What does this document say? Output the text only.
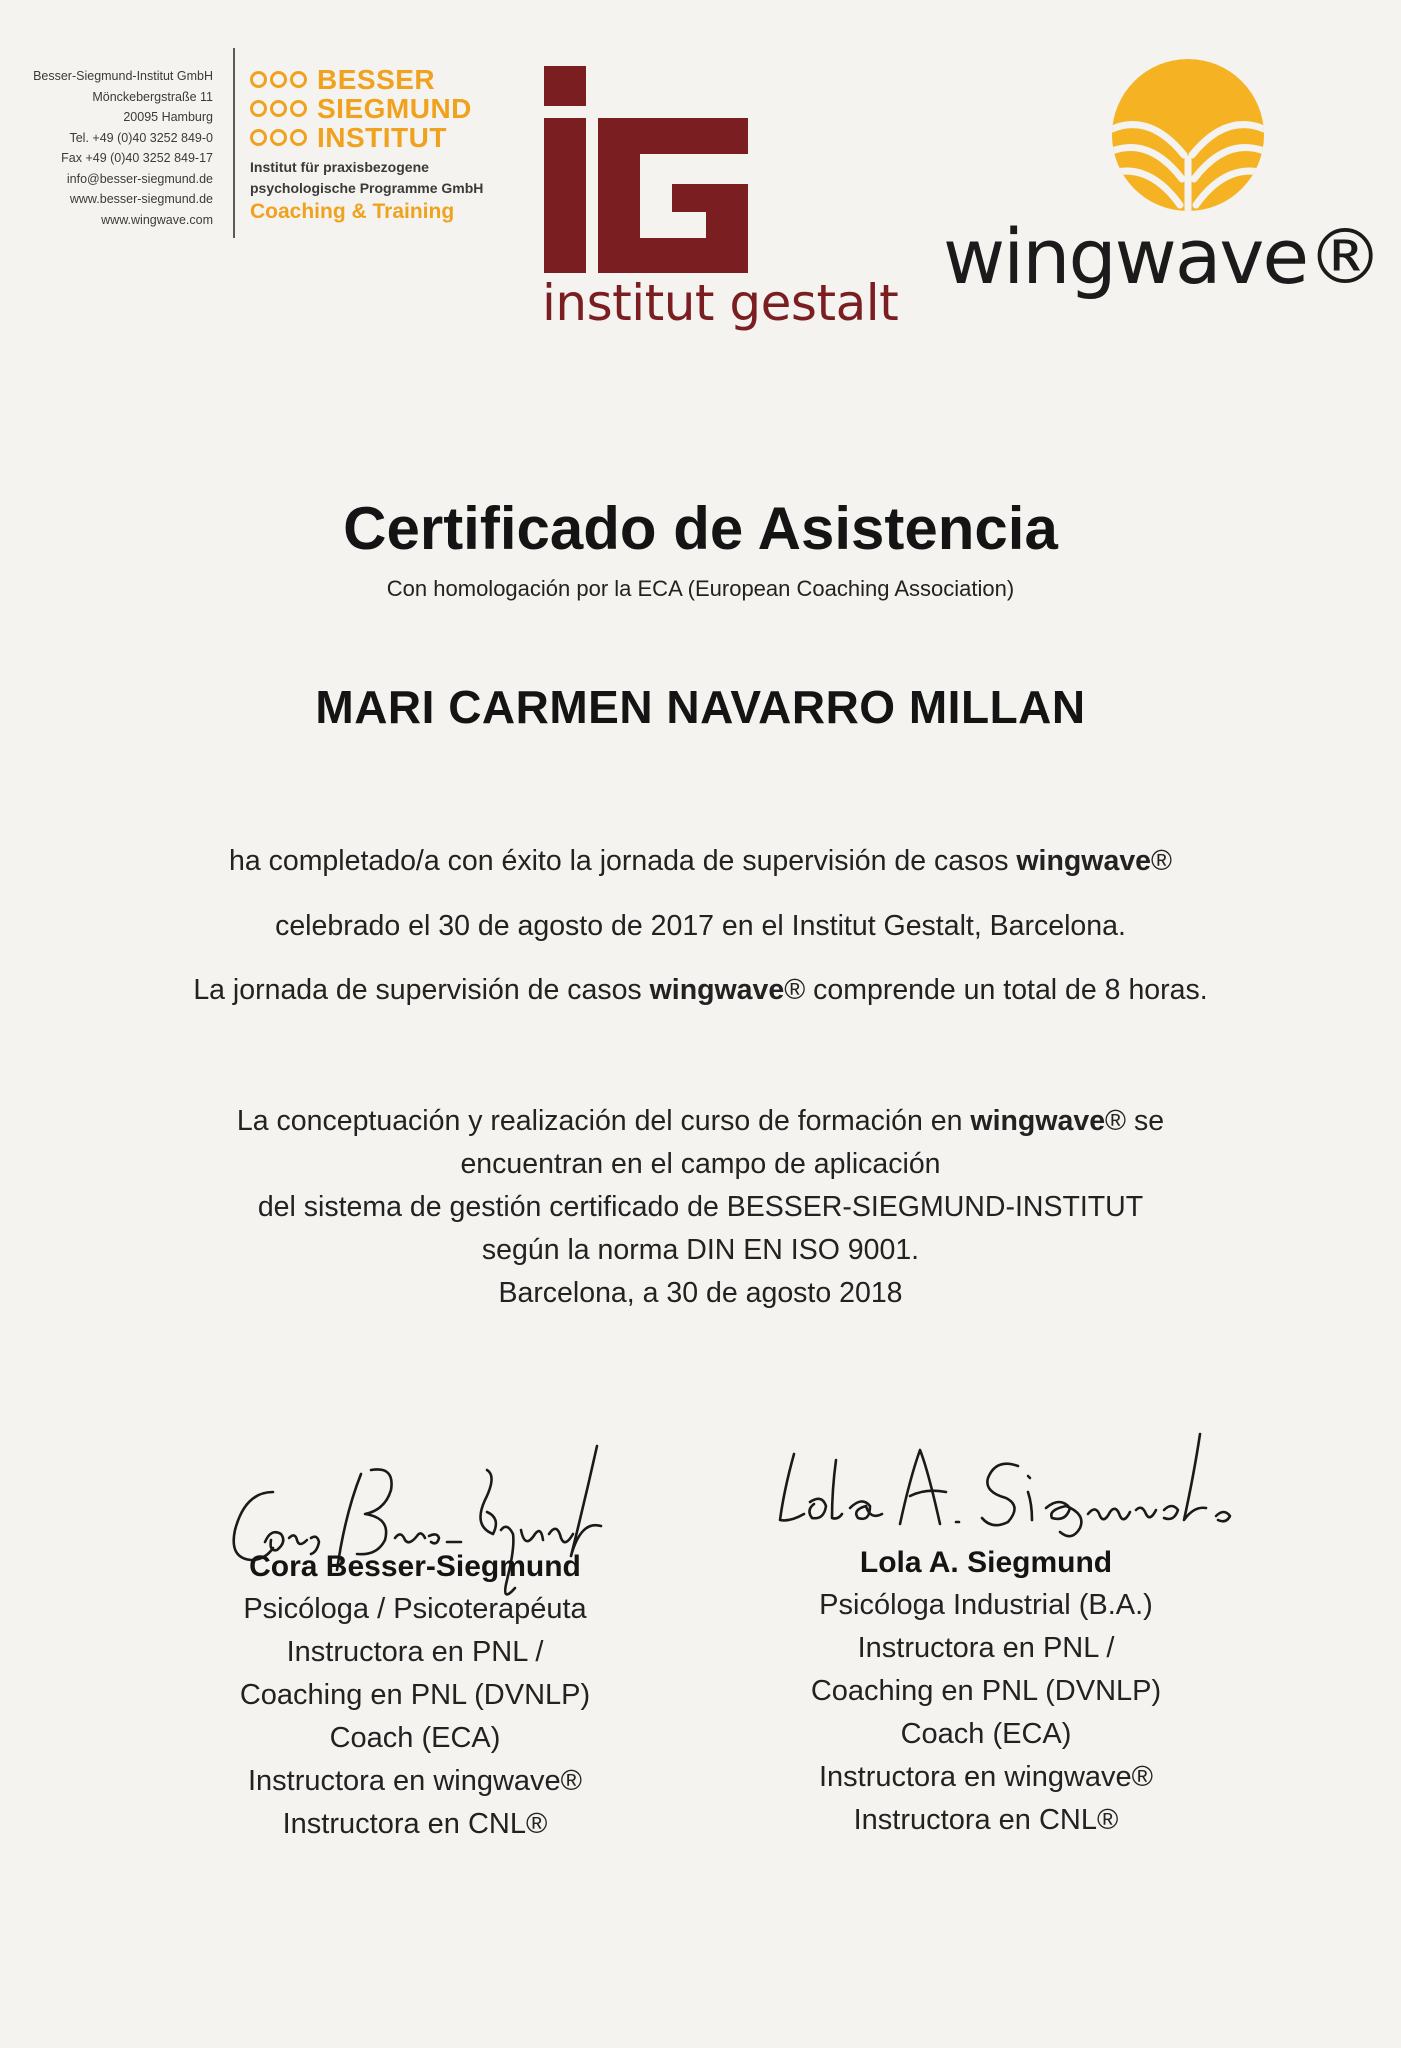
Besser-Siegmund-Institut GmbH
Mönckebergstraße 11
20095 Hamburg
Tel. +49 (0)40 3252 849-0
Fax +49 (0)40 3252 849-17
info@besser-siegmund.de
www.besser-siegmund.de
www.wingwave.com
BESSER
SIEGMUND
INSTITUT
Institut für praxisbezogene
psychologische Programme GmbH
Coaching & Training
institut gestalt
wingwave®
Certificado de Asistencia
Con homologación por la ECA (European Coaching Association)
MARI CARMEN NAVARRO MILLAN
ha completado/a con éxito la jornada de supervisión de casos wingwave®
celebrado el 30 de agosto de 2017 en el Institut Gestalt, Barcelona.
La jornada de supervisión de casos wingwave® comprende un total de 8 horas.
La conceptuación y realización del curso de formación en wingwave® se
encuentran en el campo de aplicación
del sistema de gestión certificado de BESSER-SIEGMUND-INSTITUT
según la norma DIN EN ISO 9001.
Barcelona, a 30 de agosto 2018
Cora Besser-Siegmund
Psicóloga / Psicoterapéuta
Instructora en PNL /
Coaching en PNL (DVNLP)
Coach (ECA)
Instructora en wingwave®
Instructora en CNL®
Lola A. Siegmund
Psicóloga Industrial (B.A.)
Instructora en PNL /
Coaching en PNL (DVNLP)
Coach (ECA)
Instructora en wingwave®
Instructora en CNL®
